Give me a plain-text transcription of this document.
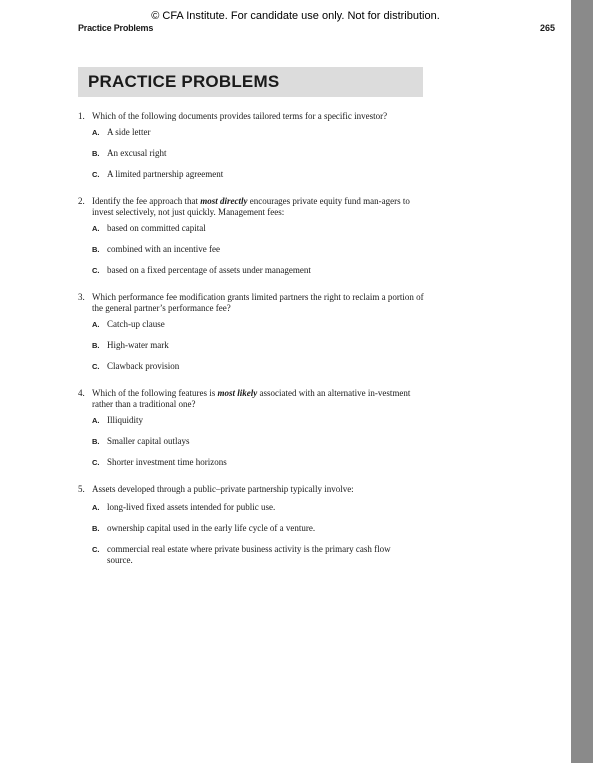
© CFA Institute. For candidate use only. Not for distribution.
Practice Problems	265
PRACTICE PROBLEMS
1. Which of the following documents provides tailored terms for a specific investor?
A. A side letter
B. An excusal right
C. A limited partnership agreement
2. Identify the fee approach that most directly encourages private equity fund man-agers to invest selectively, not just quickly. Management fees:
A. based on committed capital
B. combined with an incentive fee
C. based on a fixed percentage of assets under management
3. Which performance fee modification grants limited partners the right to reclaim a portion of the general partner’s performance fee?
A. Catch-up clause
B. High-water mark
C. Clawback provision
4. Which of the following features is most likely associated with an alternative in-vestment rather than a traditional one?
A. Illiquidity
B. Smaller capital outlays
C. Shorter investment time horizons
5. Assets developed through a public–private partnership typically involve:
A. long-lived fixed assets intended for public use.
B. ownership capital used in the early life cycle of a venture.
C. commercial real estate where private business activity is the primary cash flow source.
